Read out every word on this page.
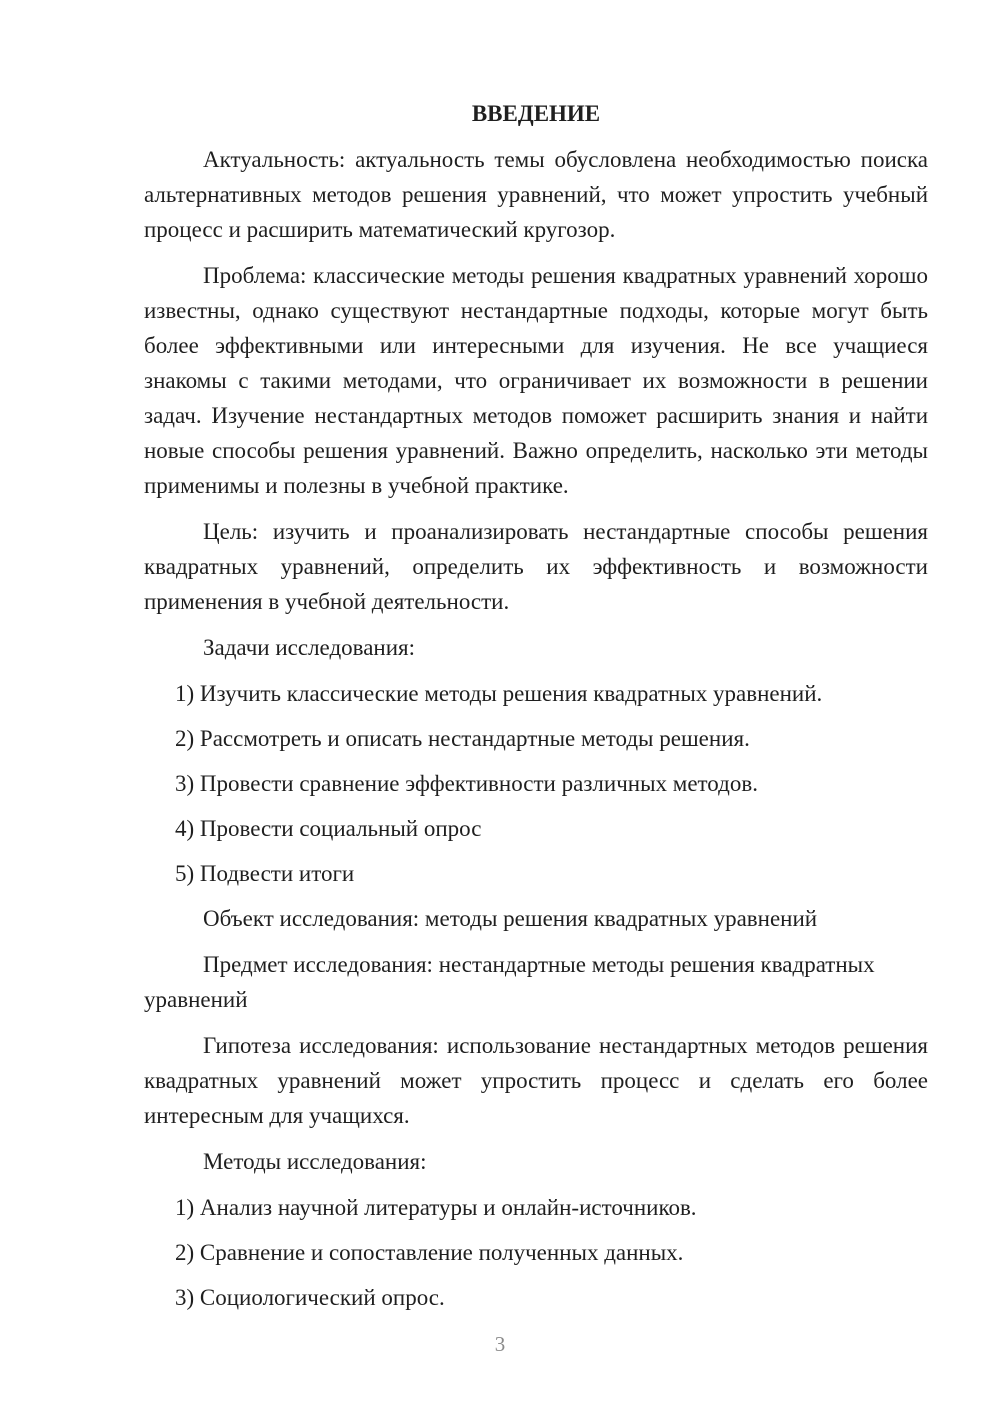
ВВЕДЕНИЕ

Актуальность: актуальность темы обусловлена необходимостью поиска альтернативных методов решения уравнений, что может упростить учебный процесс и расширить математический кругозор.

Проблема: классические методы решения квадратных уравнений хорошо известны, однако существуют нестандартные подходы, которые могут быть более эффективными или интересными для изучения. Не все учащиеся знакомы с такими методами, что ограничивает их возможности в решении задач. Изучение нестандартных методов поможет расширить знания и найти новые способы решения уравнений. Важно определить, насколько эти методы применимы и полезны в учебной практике.

Цель: изучить и проанализировать нестандартные способы решения квадратных уравнений, определить их эффективность и возможности применения в учебной деятельности.

Задачи исследования:

1) Изучить классические методы решения квадратных уравнений.
2) Рассмотреть и описать нестандартные методы решения.
3) Провести сравнение эффективности различных методов.
4) Провести социальный опрос
5) Подвести итоги

Объект исследования: методы решения квадратных уравнений

Предмет исследования: нестандартные методы решения квадратных уравнений

Гипотеза исследования: использование нестандартных методов решения квадратных уравнений может упростить процесс и сделать его более интересным для учащихся.

Методы исследования:

1) Анализ научной литературы и онлайн-источников.
2) Сравнение и сопоставление полученных данных.
3) Социологический опрос.
3
